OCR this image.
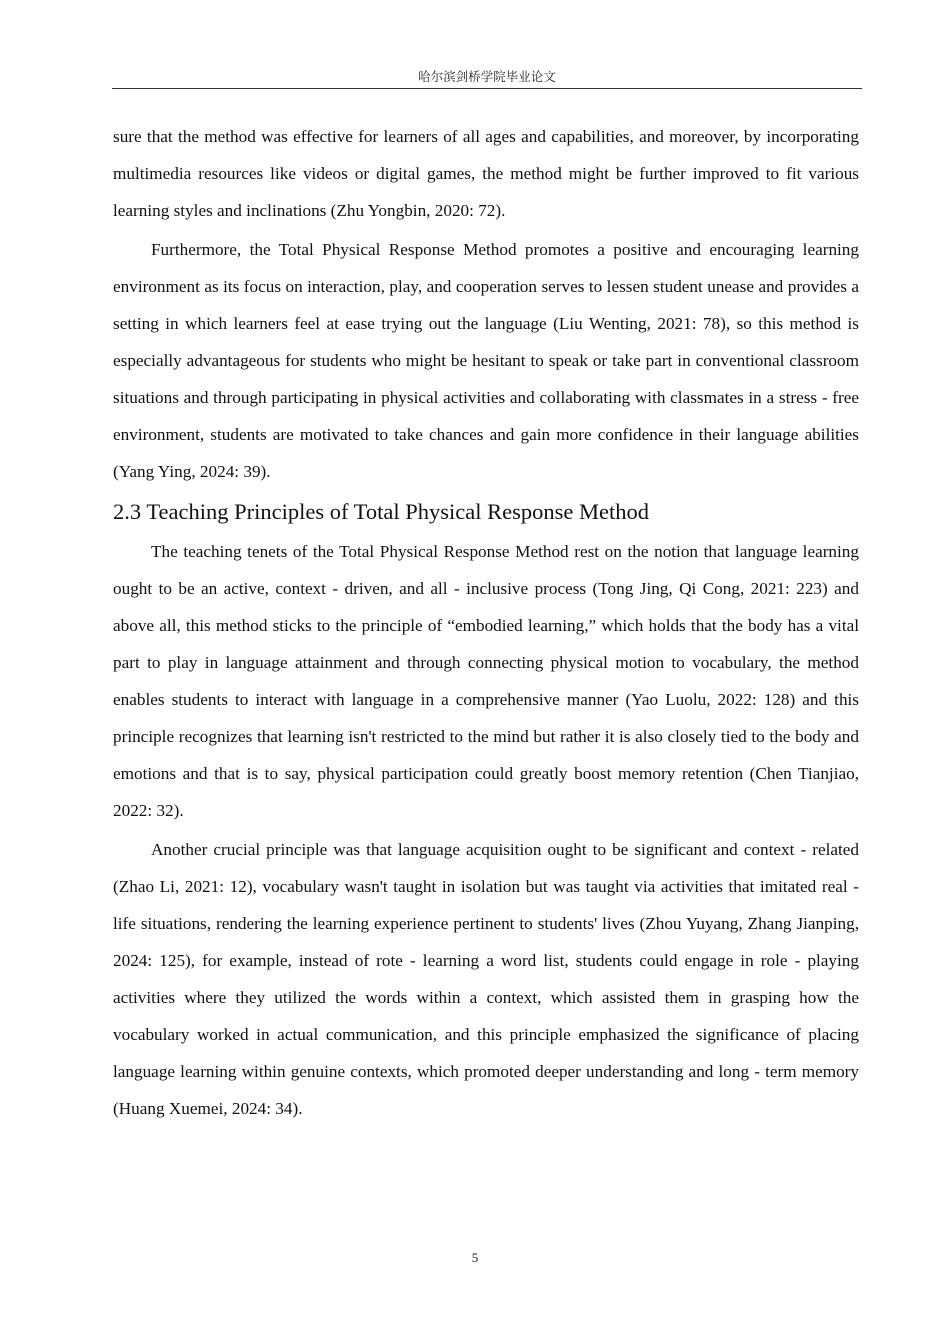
哈尔滨剑桥学院毕业论文

sure that the method was effective for learners of all ages and capabilities, and moreover, by incorporating multimedia resources like videos or digital games, the method might be further improved to fit various learning styles and inclinations (Zhu Yongbin, 2020: 72).

Furthermore, the Total Physical Response Method promotes a positive and encouraging learning environment as its focus on interaction, play, and cooperation serves to lessen student unease and provides a setting in which learners feel at ease trying out the language (Liu Wenting, 2021: 78), so this method is especially advantageous for students who might be hesitant to speak or take part in conventional classroom situations and through participating in physical activities and collaborating with classmates in a stress - free environment, students are motivated to take chances and gain more confidence in their language abilities (Yang Ying, 2024: 39).

2.3 Teaching Principles of Total Physical Response Method

The teaching tenets of the Total Physical Response Method rest on the notion that language learning ought to be an active, context - driven, and all - inclusive process (Tong Jing, Qi Cong, 2021: 223) and above all, this method sticks to the principle of “embodied learning,” which holds that the body has a vital part to play in language attainment and through connecting physical motion to vocabulary, the method enables students to interact with language in a comprehensive manner (Yao Luolu, 2022: 128) and this principle recognizes that learning isn't restricted to the mind but rather it is also closely tied to the body and emotions and that is to say, physical participation could greatly boost memory retention (Chen Tianjiao, 2022: 32).

Another crucial principle was that language acquisition ought to be significant and context - related (Zhao Li, 2021: 12), vocabulary wasn't taught in isolation but was taught via activities that imitated real - life situations, rendering the learning experience pertinent to students' lives (Zhou Yuyang, Zhang Jianping, 2024: 125), for example, instead of rote - learning a word list, students could engage in role - playing activities where they utilized the words within a context, which assisted them in grasping how the vocabulary worked in actual communication, and this principle emphasized the significance of placing language learning within genuine contexts, which promoted deeper understanding and long - term memory (Huang Xuemei, 2024: 34).

5
